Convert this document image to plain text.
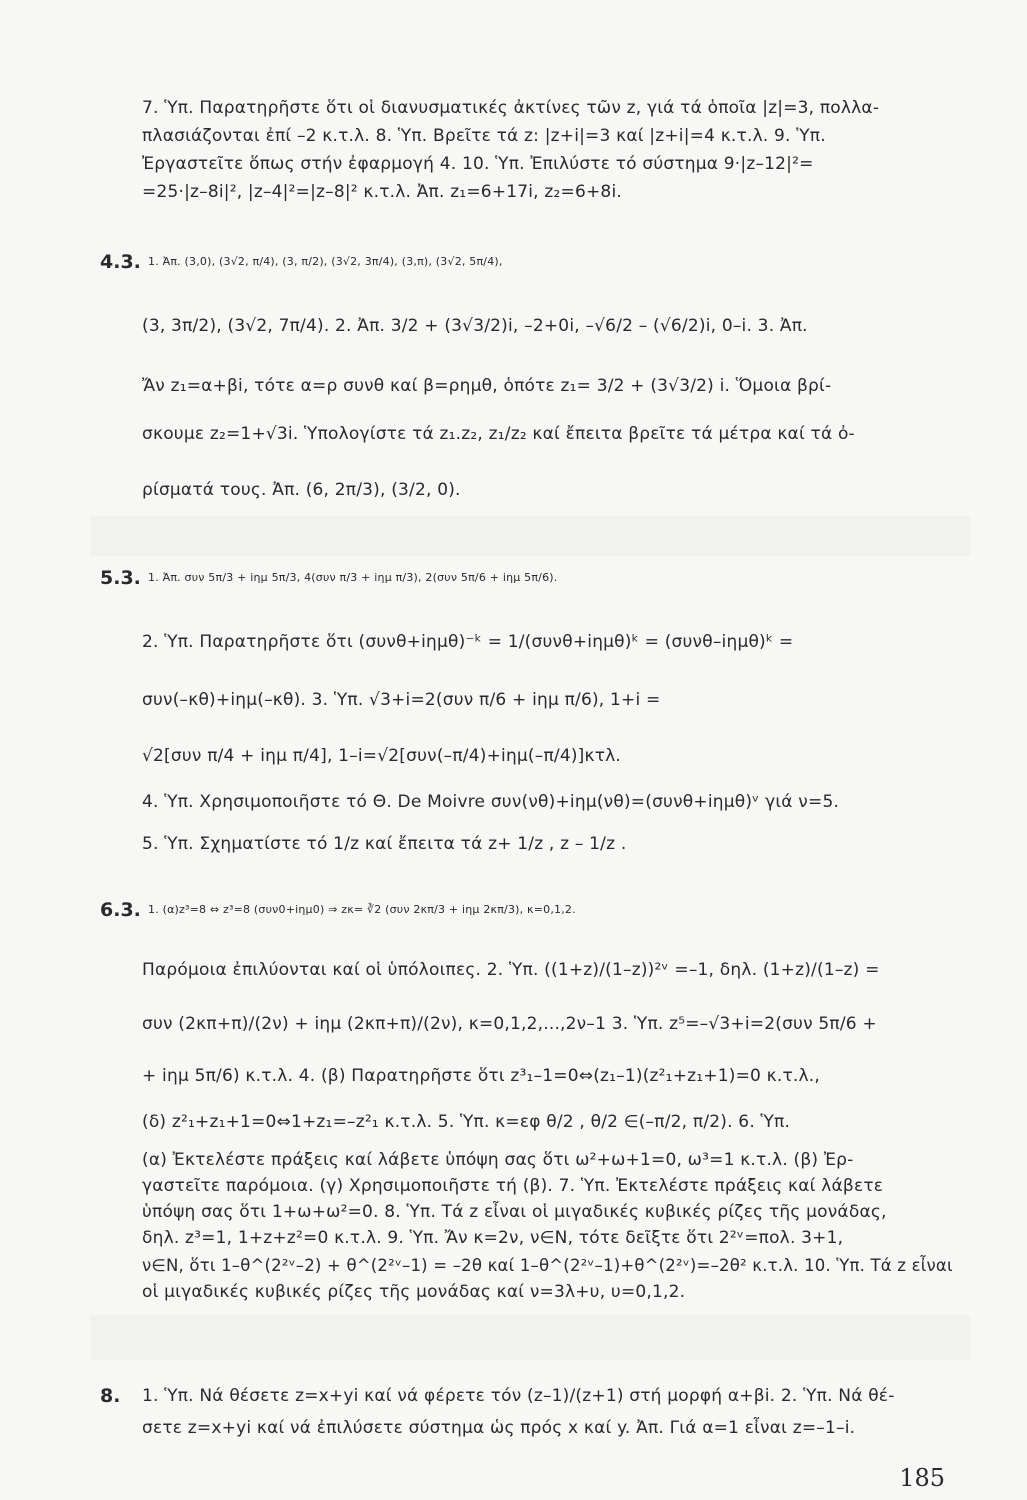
7. Ὑπ. Παρατηρῆστε ὅτι οἱ διανυσματικές ἀκτίνες τῶν z, γιά τά ὁποῖα |z|=3, πολλα-
πλασιάζονται ἐπί –2 κ.τ.λ. 8. Ὑπ. Βρεῖτε τά z: |z+i|=3 καί |z+i|=4 κ.τ.λ. 9. Ὑπ.
Ἐργαστεῖτε ὅπως στήν ἐφαρμογή 4. 10. Ὑπ. Ἐπιλύστε τό σύστημα 9·|z–12|²=
=25·|z–8i|², |z–4|²=|z–8|² κ.τ.λ. Ἀπ. z₁=6+17i, z₂=6+8i.
4.3. 1. Ἀπ. (3,0), (3√2, π/4), (3, π/2), (3√2, 3π/4), (3,π), (3√2, 5π/4),
(3, 3π/2), (3√2, 7π/4). 2. Ἀπ. 3/2 + (3√3/2)i, –2+0i, –√6/2 – (√6/2)i, 0–i. 3. Ἀπ.
Ἄν z₁=α+βi, τότε α=ρ συνθ καί β=ρημθ, ὁπότε z₁= 3/2 + (3√3/2) i. Ὅμοια βρί-
σκουμε z₂=1+√3i. Ὑπολογίστε τά z₁.z₂, z₁/z₂ καί ἔπειτα βρεῖτε τά μέτρα καί τά ὀ-
ρίσματά τους. Ἀπ. (6, 2π/3), (3/2, 0).
5.3. 1. Ἀπ. συν 5π/3 + iημ 5π/3, 4(συν π/3 + iημ π/3), 2(συν 5π/6 + iημ 5π/6).
2. Ὑπ. Παρατηρῆστε ὅτι (συνθ+iημθ)⁻ᵏ = 1/(συνθ+iημθ)ᵏ = (συνθ–iημθ)ᵏ =
συν(–κθ)+iημ(–κθ). 3. Ὑπ. √3+i=2(συν π/6 + iημ π/6), 1+i =
√2[συν π/4 + iημ π/4], 1–i=√2[συν(–π/4)+iημ(–π/4)]κτλ.
4. Ὑπ. Χρησιμοποιῆστε τό Θ. De Moivre συν(νθ)+iημ(νθ)=(συνθ+iημθ)ᵛ γιά ν=5.
5. Ὑπ. Σχηματίστε τό 1/z καί ἔπειτα τά z+ 1/z , z – 1/z .
6.3. 1. (α)z³=8 ⇔ z³=8 (συν0+iημ0) ⇒ zκ= ∛2 (συν 2κπ/3 + iημ 2κπ/3), κ=0,1,2.
Παρόμοια ἐπιλύονται καί οἱ ὑπόλοιπες. 2. Ὑπ. ((1+z)/(1–z))²ᵛ =–1, δηλ. (1+z)/(1–z) =
συν (2κπ+π)/(2ν) + iημ (2κπ+π)/(2ν), κ=0,1,2,...,2ν–1 3. Ὑπ. z⁵=–√3+i=2(συν 5π/6 +
+ iημ 5π/6) κ.τ.λ. 4. (β) Παρατηρῆστε ὅτι z³₁–1=0⇔(z₁–1)(z²₁+z₁+1)=0 κ.τ.λ.,
(δ) z²₁+z₁+1=0⇔1+z₁=–z²₁ κ.τ.λ. 5. Ὑπ. κ=εφ θ/2 , θ/2 ∈(–π/2, π/2). 6. Ὑπ.
(α) Ἐκτελέστε πράξεις καί λάβετε ὑπόψη σας ὅτι ω²+ω+1=0, ω³=1 κ.τ.λ. (β) Ἐρ-
γαστεῖτε παρόμοια. (γ) Χρησιμοποιῆστε τή (β). 7. Ὑπ. Ἐκτελέστε πράξεις καί λάβετε
ὑπόψη σας ὅτι 1+ω+ω²=0. 8. Ὑπ. Τά z εἶναι οἱ μιγαδικές κυβικές ρίζες τῆς μονάδας,
δηλ. z³=1, 1+z+z²=0 κ.τ.λ. 9. Ὑπ. Ἄν κ=2ν, ν∈N, τότε δεῖξτε ὅτι 2²ᵛ=πολ. 3+1,
ν∈N, ὅτι 1–θ^(2²ᵛ–2) + θ^(2²ᵛ–1) = –2θ καί 1–θ^(2²ᵛ–1)+θ^(2²ᵛ)=–2θ² κ.τ.λ. 10. Ὑπ. Τά z εἶναι
οἱ μιγαδικές κυβικές ρίζες τῆς μονάδας καί ν=3λ+υ, υ=0,1,2.
8. 1. Ὑπ. Νά θέσετε z=x+yi καί νά φέρετε τόν (z–1)/(z+1) στή μορφή α+βi. 2. Ὑπ. Νά θέ-
σετε z=x+yi καί νά ἐπιλύσετε σύστημα ὡς πρός x καί y. Ἀπ. Γιά α=1 εἶναι z=–1–i.
185
